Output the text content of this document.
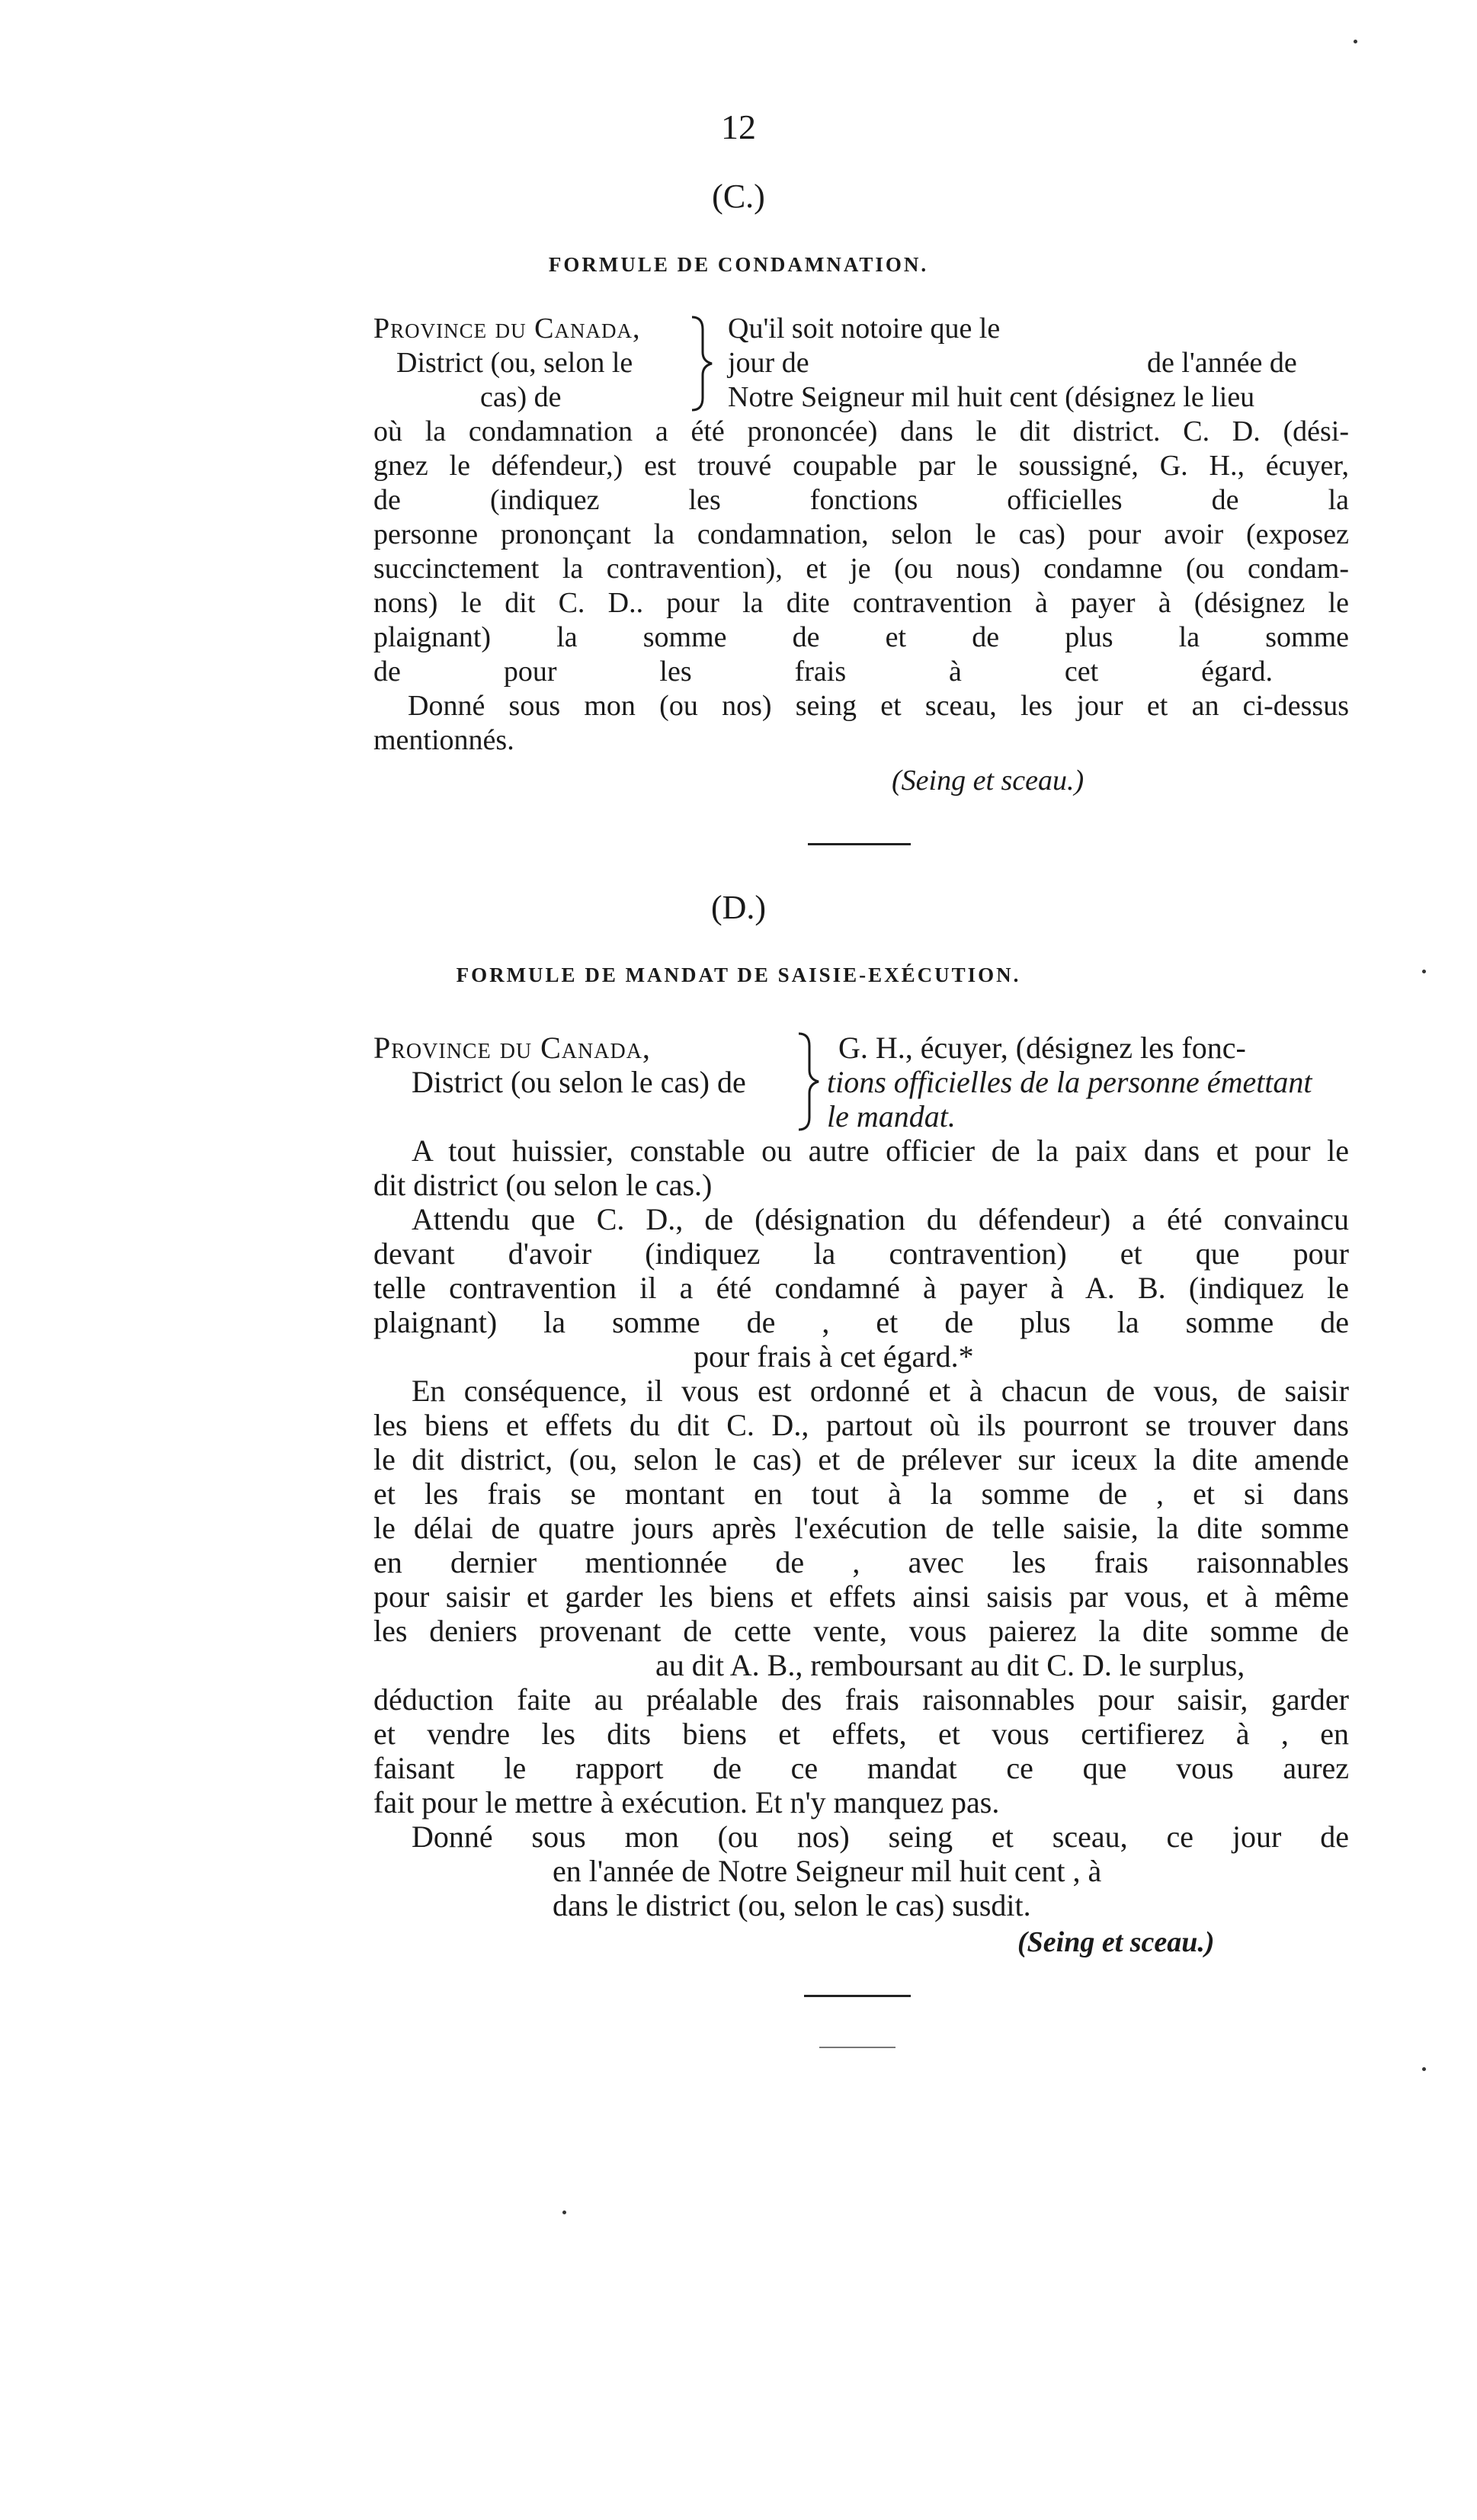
12
(C.)
FORMULE DE CONDAMNATION.
Province du Canada,
District (ou, selon le
cas) de
Qu'il soit notoire que le
jour de	de l'année de
Notre Seigneur mil huit cent (désignez le lieu
où la condamnation a été prononcée) dans le dit district. C. D. (dési-
gnez le défendeur,) est trouvé coupable par le soussigné, G. H., écuyer,
de (indiquez les fonctions officielles de la
personne prononçant la condamnation, selon le cas) pour avoir (exposez
succinctement la contravention), et je (ou nous) condamne (ou condam-
nons) le dit C. D.. pour la dite contravention à payer à (désignez le
plaignant) la somme de et de plus la somme
de pour les frais à cet égard.
Donné sous mon (ou nos) seing et sceau, les jour et an ci-dessus
mentionnés.
(Seing et sceau.)
(D.)
FORMULE DE MANDAT DE SAISIE-EXÉCUTION.
Province du Canada,
District (ou selon le cas) de
G. H., écuyer, (désignez les fonc-
tions officielles de la personne émettant
le mandat.
A tout huissier, constable ou autre officier de la paix dans et pour le
dit district (ou selon le cas.)
Attendu que C. D., de (désignation du défendeur) a été convaincu
devant d'avoir (indiquez la contravention) et que pour
telle contravention il a été condamné à payer à A. B. (indiquez le
plaignant) la somme de , et de plus la somme de
pour frais à cet égard.*
En conséquence, il vous est ordonné et à chacun de vous, de saisir
les biens et effets du dit C. D., partout où ils pourront se trouver dans
le dit district, (ou, selon le cas) et de prélever sur iceux la dite amende
et les frais se montant en tout à la somme de , et si dans
le délai de quatre jours après l'exécution de telle saisie, la dite somme
en dernier mentionnée de , avec les frais raisonnables
pour saisir et garder les biens et effets ainsi saisis par vous, et à même
les deniers provenant de cette vente, vous paierez la dite somme de
au dit A. B., remboursant au dit C. D. le surplus,
déduction faite au préalable des frais raisonnables pour saisir, garder
et vendre les dits biens et effets, et vous certifierez à , en
faisant le rapport de ce mandat ce que vous aurez
fait pour le mettre à exécution. Et n'y manquez pas.
Donné sous mon (ou nos) seing et sceau, ce jour de
en l'année de Notre Seigneur mil huit cent , à
dans le district (ou, selon le cas) susdit.
(Seing et sceau.)
